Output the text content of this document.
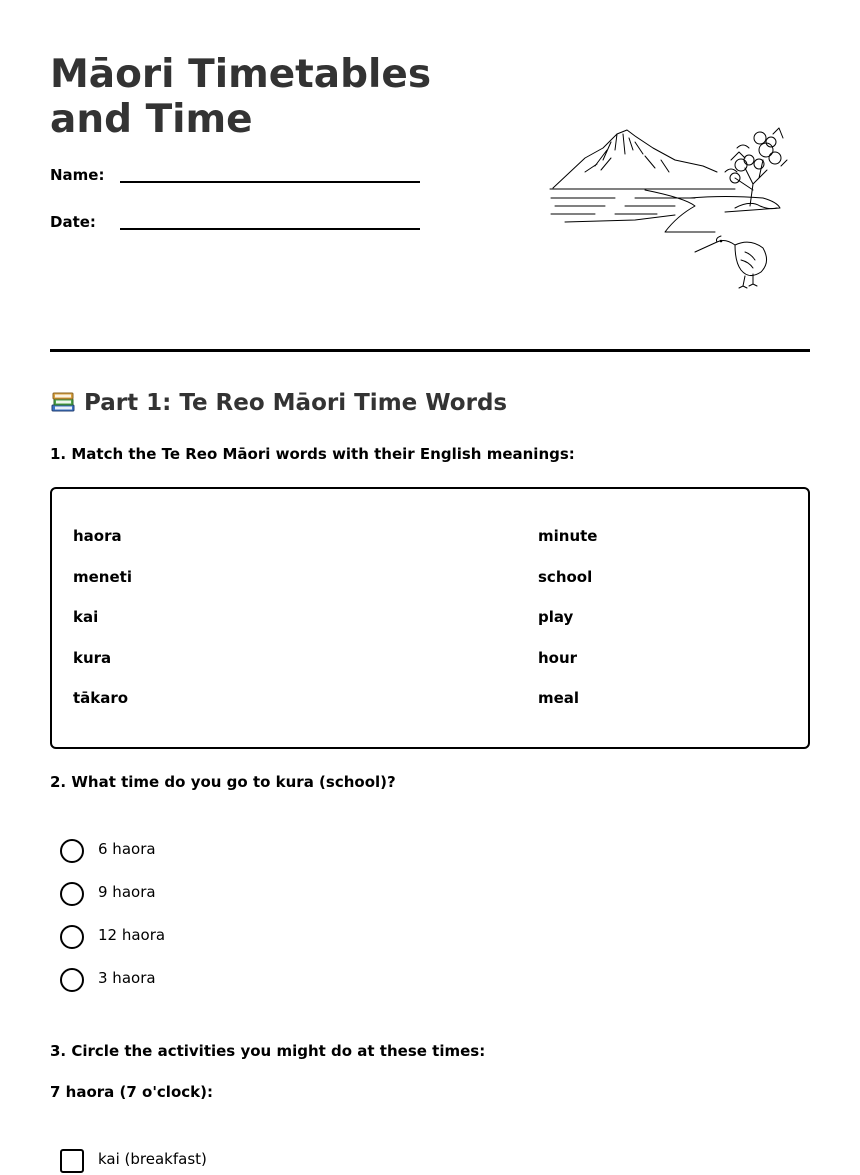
Māori Timetables and Time
Name:
Date:
Part 1: Te Reo Māori Time Words

1. Match the Te Reo Māori words with their English meanings:

haora
meneti
kai
kura
tākaro
minute
school
play
hour
meal

2. What time do you go to kura (school)?

6 haora
9 haora
12 haora
3 haora

3. Circle the activities you might do at these times:

7 haora (7 o'clock):

kai (breakfast)
